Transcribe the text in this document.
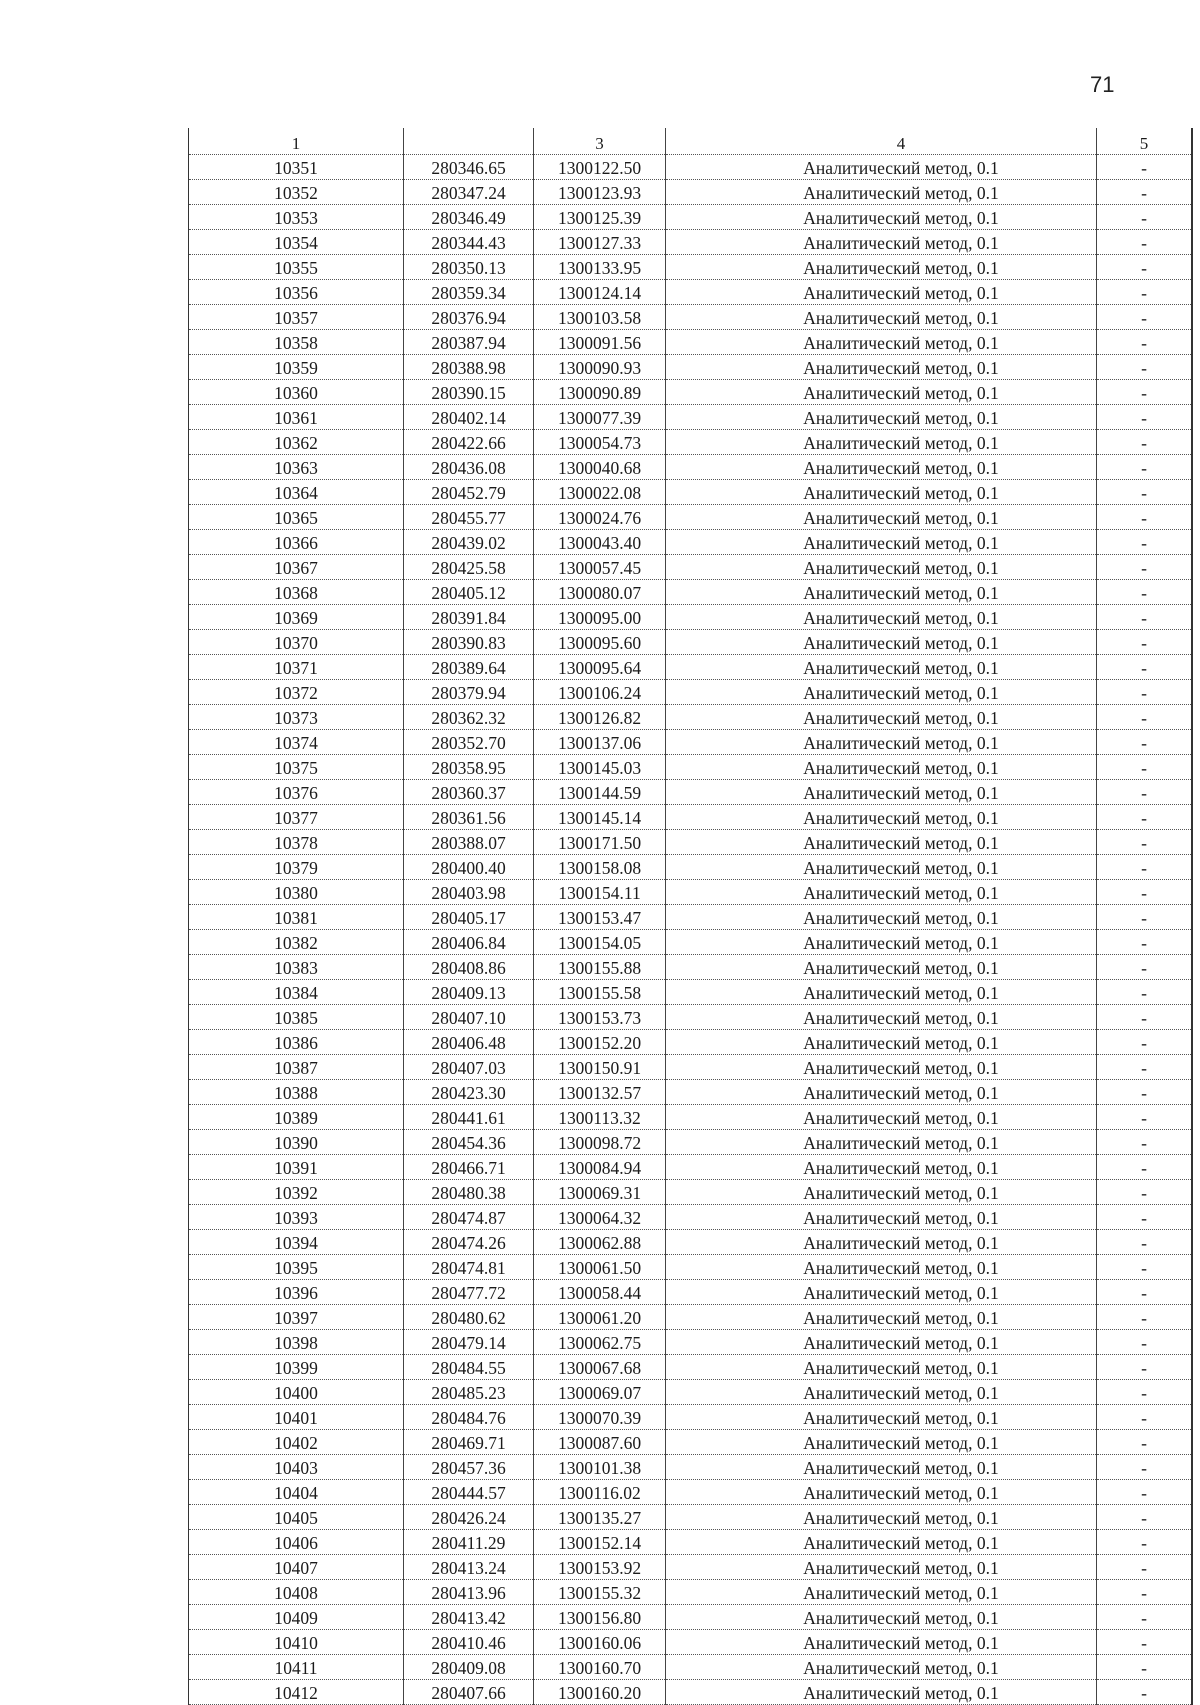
71
1		3	4	5
10351	280346.65	1300122.50	Аналитический метод, 0.1	-
10352	280347.24	1300123.93	Аналитический метод, 0.1	-
10353	280346.49	1300125.39	Аналитический метод, 0.1	-
10354	280344.43	1300127.33	Аналитический метод, 0.1	-
10355	280350.13	1300133.95	Аналитический метод, 0.1	-
10356	280359.34	1300124.14	Аналитический метод, 0.1	-
10357	280376.94	1300103.58	Аналитический метод, 0.1	-
10358	280387.94	1300091.56	Аналитический метод, 0.1	-
10359	280388.98	1300090.93	Аналитический метод, 0.1	-
10360	280390.15	1300090.89	Аналитический метод, 0.1	-
10361	280402.14	1300077.39	Аналитический метод, 0.1	-
10362	280422.66	1300054.73	Аналитический метод, 0.1	-
10363	280436.08	1300040.68	Аналитический метод, 0.1	-
10364	280452.79	1300022.08	Аналитический метод, 0.1	-
10365	280455.77	1300024.76	Аналитический метод, 0.1	-
10366	280439.02	1300043.40	Аналитический метод, 0.1	-
10367	280425.58	1300057.45	Аналитический метод, 0.1	-
10368	280405.12	1300080.07	Аналитический метод, 0.1	-
10369	280391.84	1300095.00	Аналитический метод, 0.1	-
10370	280390.83	1300095.60	Аналитический метод, 0.1	-
10371	280389.64	1300095.64	Аналитический метод, 0.1	-
10372	280379.94	1300106.24	Аналитический метод, 0.1	-
10373	280362.32	1300126.82	Аналитический метод, 0.1	-
10374	280352.70	1300137.06	Аналитический метод, 0.1	-
10375	280358.95	1300145.03	Аналитический метод, 0.1	-
10376	280360.37	1300144.59	Аналитический метод, 0.1	-
10377	280361.56	1300145.14	Аналитический метод, 0.1	-
10378	280388.07	1300171.50	Аналитический метод, 0.1	-
10379	280400.40	1300158.08	Аналитический метод, 0.1	-
10380	280403.98	1300154.11	Аналитический метод, 0.1	-
10381	280405.17	1300153.47	Аналитический метод, 0.1	-
10382	280406.84	1300154.05	Аналитический метод, 0.1	-
10383	280408.86	1300155.88	Аналитический метод, 0.1	-
10384	280409.13	1300155.58	Аналитический метод, 0.1	-
10385	280407.10	1300153.73	Аналитический метод, 0.1	-
10386	280406.48	1300152.20	Аналитический метод, 0.1	-
10387	280407.03	1300150.91	Аналитический метод, 0.1	-
10388	280423.30	1300132.57	Аналитический метод, 0.1	-
10389	280441.61	1300113.32	Аналитический метод, 0.1	-
10390	280454.36	1300098.72	Аналитический метод, 0.1	-
10391	280466.71	1300084.94	Аналитический метод, 0.1	-
10392	280480.38	1300069.31	Аналитический метод, 0.1	-
10393	280474.87	1300064.32	Аналитический метод, 0.1	-
10394	280474.26	1300062.88	Аналитический метод, 0.1	-
10395	280474.81	1300061.50	Аналитический метод, 0.1	-
10396	280477.72	1300058.44	Аналитический метод, 0.1	-
10397	280480.62	1300061.20	Аналитический метод, 0.1	-
10398	280479.14	1300062.75	Аналитический метод, 0.1	-
10399	280484.55	1300067.68	Аналитический метод, 0.1	-
10400	280485.23	1300069.07	Аналитический метод, 0.1	-
10401	280484.76	1300070.39	Аналитический метод, 0.1	-
10402	280469.71	1300087.60	Аналитический метод, 0.1	-
10403	280457.36	1300101.38	Аналитический метод, 0.1	-
10404	280444.57	1300116.02	Аналитический метод, 0.1	-
10405	280426.24	1300135.27	Аналитический метод, 0.1	-
10406	280411.29	1300152.14	Аналитический метод, 0.1	-
10407	280413.24	1300153.92	Аналитический метод, 0.1	-
10408	280413.96	1300155.32	Аналитический метод, 0.1	-
10409	280413.42	1300156.80	Аналитический метод, 0.1	-
10410	280410.46	1300160.06	Аналитический метод, 0.1	-
10411	280409.08	1300160.70	Аналитический метод, 0.1	-
10412	280407.66	1300160.20	Аналитический метод, 0.1	-
